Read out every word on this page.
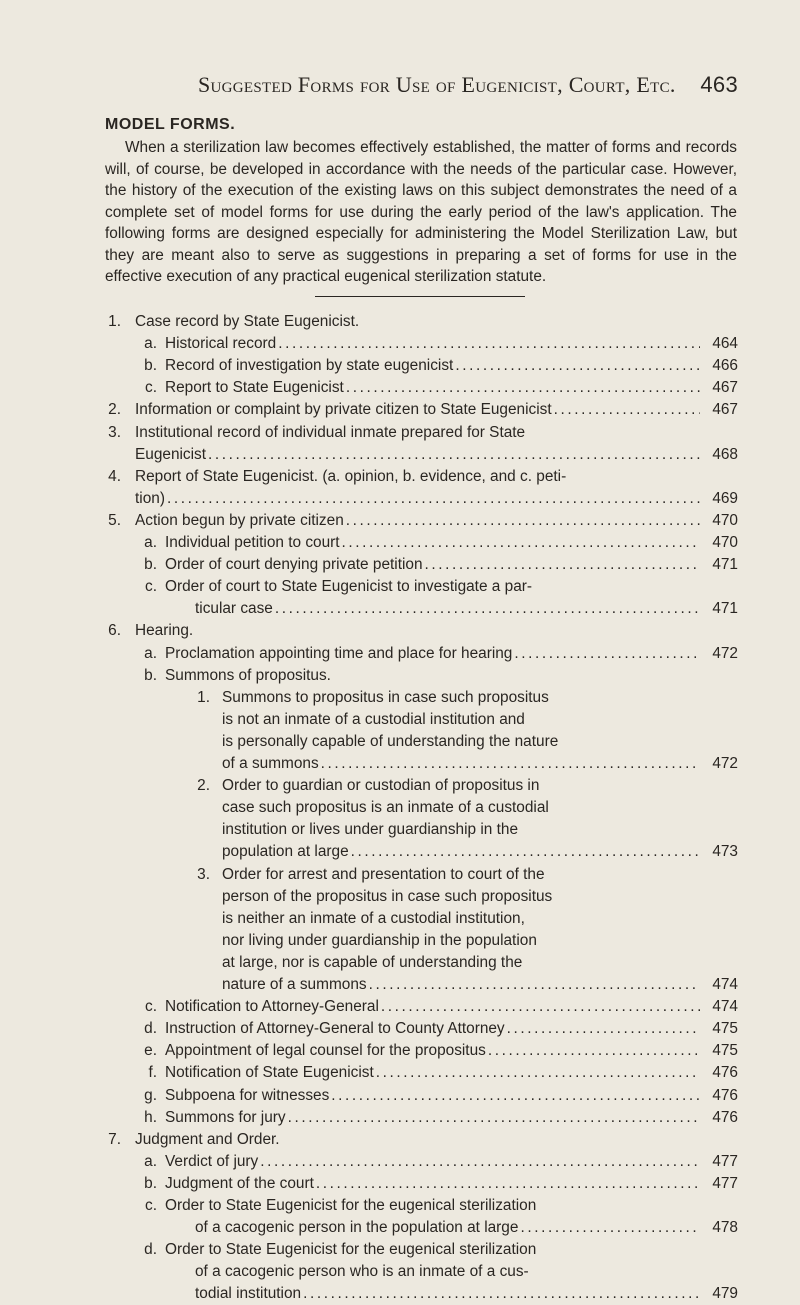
Suggested Forms for Use of Eugenicist, Court, Etc. 463
MODEL FORMS.

When a sterilization law becomes effectively established, the matter of forms and records will, of course, be developed in accordance with the needs of the particular case. However, the history of the execution of the existing laws on this subject demonstrates the need of a complete set of model forms for use during the early period of the law's application. The following forms are designed especially for administering the Model Sterilization Law, but they are meant also to serve as suggestions in preparing a set of forms for use in the effective execution of any practical eugenical sterilization statute.

1. Case record by State Eugenicist.
a. Historical record .....	464
b. Record of investigation by state eugenicist .....	466
c. Report to State Eugenicist .....	467
2. Information or complaint by private citizen to State Eugenicist .....	467
3. Institutional record of individual inmate prepared for State
Eugenicist .....	468
4. Report of State Eugenicist. (a. opinion, b. evidence, and c. peti-
tion) .....	469
5. Action begun by private citizen .....	470
a. Individual petition to court .....	470
b. Order of court denying private petition .....	471
c. Order of court to State Eugenicist to investigate a par-
ticular case .....	471
6. Hearing.
a. Proclamation appointing time and place for hearing .....	472
b. Summons of propositus.
1. Summons to propositus in case such propositus
is not an inmate of a custodial institution and
is personally capable of understanding the nature
of a summons .....	472
2. Order to guardian or custodian of propositus in
case such propositus is an inmate of a custodial
institution or lives under guardianship in the
population at large .....	473
3. Order for arrest and presentation to court of the
person of the propositus in case such propositus
is neither an inmate of a custodial institution,
nor living under guardianship in the population
at large, nor is capable of understanding the
nature of a summons .....	474
c. Notification to Attorney-General .....	474
d. Instruction of Attorney-General to County Attorney .....	475
e. Appointment of legal counsel for the propositus .....	475
f. Notification of State Eugenicist .....	476
g. Subpoena for witnesses .....	476
h. Summons for jury .....	476
7. Judgment and Order.
a. Verdict of jury .....	477
b. Judgment of the court .....	477
c. Order to State Eugenicist for the eugenical sterilization
of a cacogenic person in the population at large .....	478
d. Order to State Eugenicist for the eugenical sterilization
of a cacogenic person who is an inmate of a cus-
todial institution .....	479
